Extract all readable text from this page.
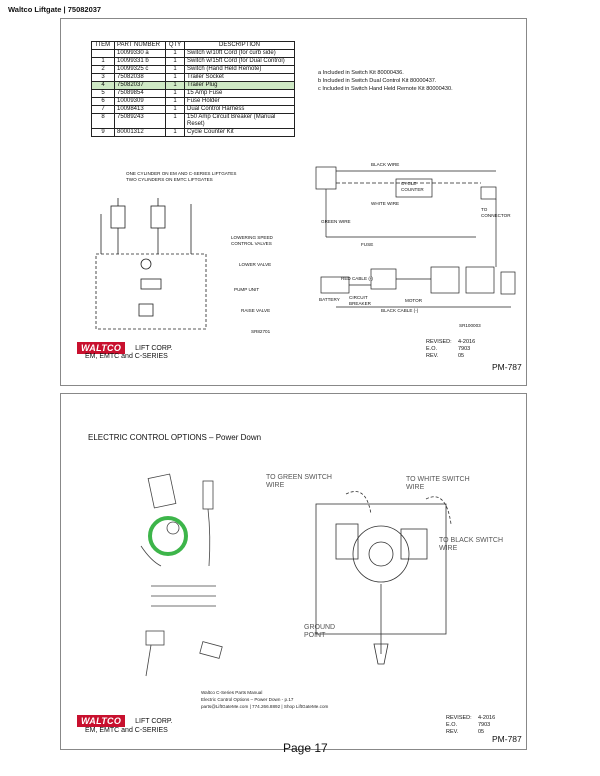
Waltco Liftgate | 75082037
ITEM	PART NUMBER	QTY	DESCRIPTION
	10099330 a	1	Switch w/10ft Cord (for curb side)
1	10099331 b	1	Switch w/15ft Cord (for Dual Control)
2	10099325 c	1	Switch (Hand Held Remote)
3	75082038	1	Trailer Socket
4	75082037	1	Trailer Plug
5	75089854	1	15 Amp Fuse
6	10009309	1	Fuse Holder
7	10098413	1	Dual Control Harness
8	75089243	1	150 Amp Circuit Breaker (Manual Reset)
9	80001312	1	Cycle Counter Kit
a Included in Switch Kit 80000436.
b Included in Switch Dual Control Kit 80000437.
c Included in Switch Hand Held Remote Kit 80000430.
ONE CYLINDER ON EM AND C-SERIES LIFTGATES
TWO CYLINDERS ON EMTC LIFTGATES
LOWERING SPEED CONTROL VALVES
LOWER VALVE
PUMP UNIT
RAISE VALVE
SR82701
BLACK WIRE
CYCLE COUNTER
WHITE WIRE
TO CONNECTOR
GREEN WIRE
FUSE
RED CABLE (-)
BATTERY CIRCUIT BREAKER
MOTOR
BLACK CABLE (-)
SR100003
WALTCO	LIFT CORP.
EM, EMTC and C-SERIES
REVISED: 4-2016
E.O.	7903
REV.	05
PM-787
ELECTRIC CONTROL OPTIONS – Power Down
TO GREEN SWITCH WIRE
TO WHITE SWITCH WIRE
TO BLACK SWITCH WIRE
GROUND POINT
Waltco C-Series Parts Manual
Electric Control Options – Power Down - p.17
parts@LiftGateMe.com | 774.266.8892 | Shop LiftGateMe.com
WALTCO	LIFT CORP.
EM, EMTC and C-SERIES
REVISED: 4-2016
E.O.	7903
REV.	05
PM-787
Page 17
